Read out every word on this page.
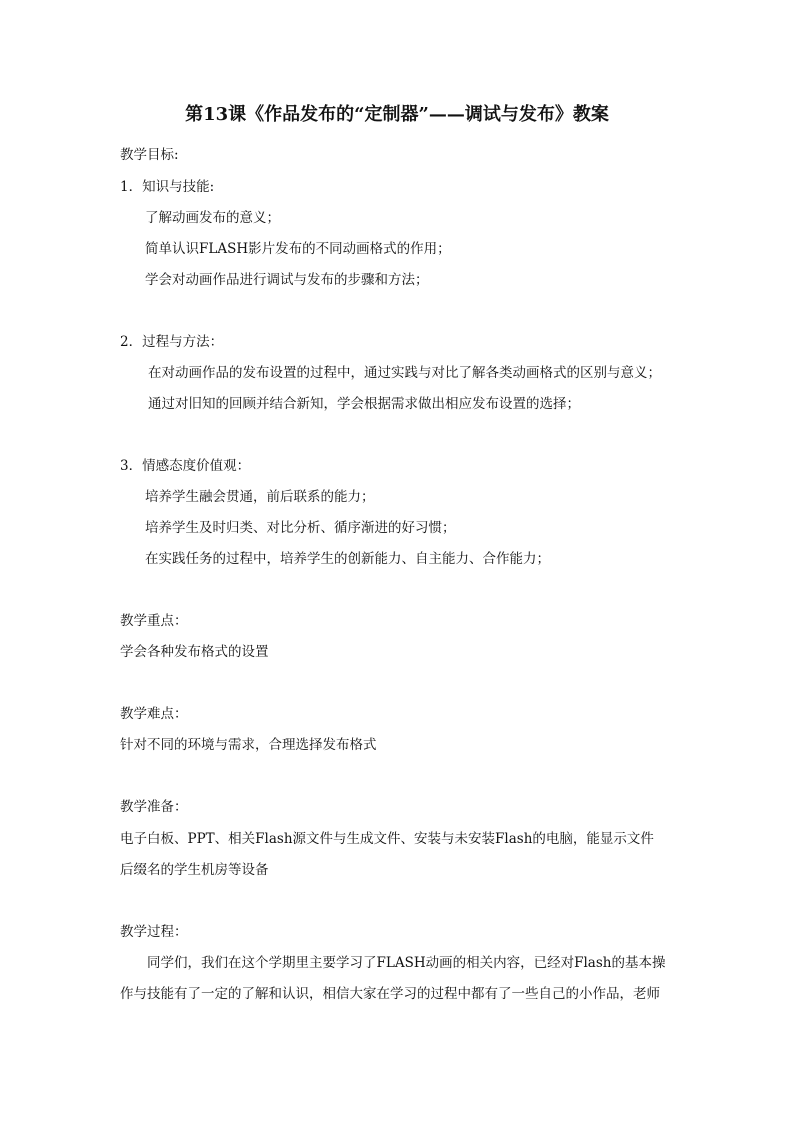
第13课《作品发布的“定制器”——调试与发布》教案
教学目标:
1．知识与技能:
了解动画发布的意义；
简单认识FLASH影片发布的不同动画格式的作用；
学会对动画作品进行调试与发布的步骤和方法；
2．过程与方法：
在对动画作品的发布设置的过程中，通过实践与对比了解各类动画格式的区别与意义；
通过对旧知的回顾并结合新知，学会根据需求做出相应发布设置的选择；
3．情感态度价值观：
培养学生融会贯通，前后联系的能力；
培养学生及时归类、对比分析、循序渐进的好习惯；
在实践任务的过程中，培养学生的创新能力、自主能力、合作能力；
教学重点：
学会各种发布格式的设置
教学难点：
针对不同的环境与需求，合理选择发布格式
教学准备：
电子白板、PPT、相关Flash源文件与生成文件、安装与未安装Flash的电脑，能显示文件
后缀名的学生机房等设备
教学过程：
同学们，我们在这个学期里主要学习了FLASH动画的相关内容，已经对Flash的基本操
作与技能有了一定的了解和认识，相信大家在学习的过程中都有了一些自己的小作品，老师
